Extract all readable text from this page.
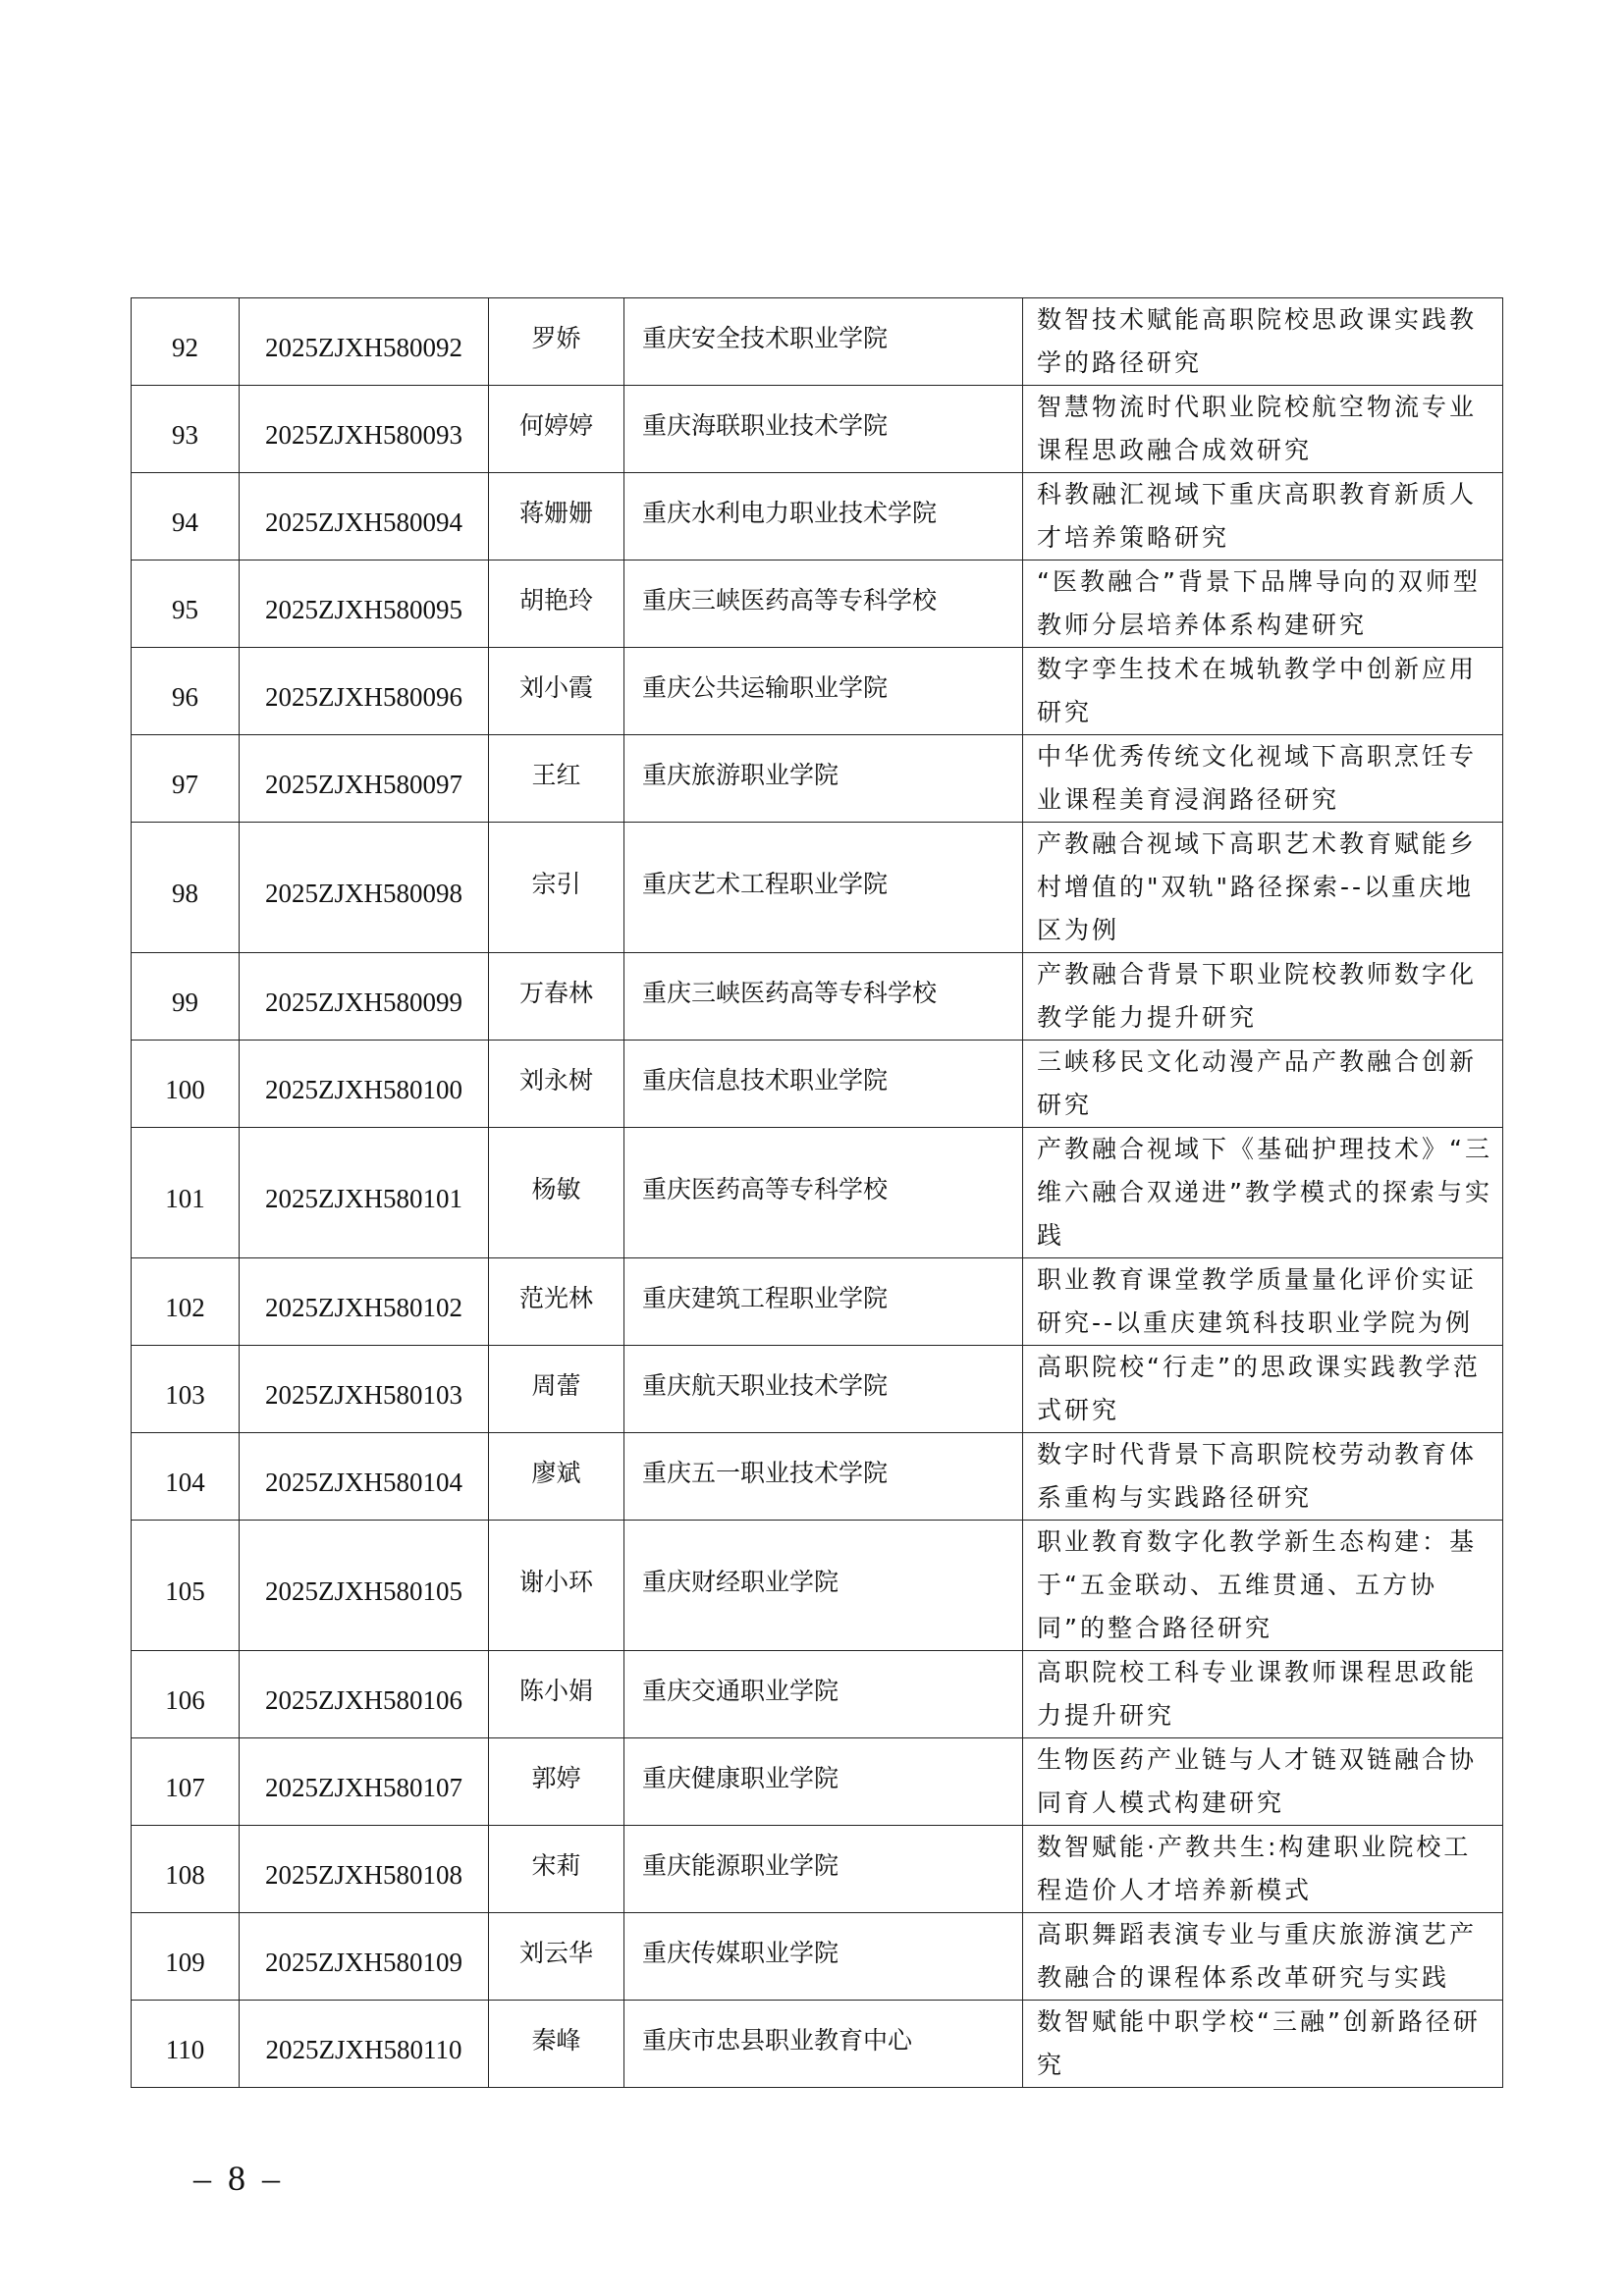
92	2025ZJXH580092	罗娇	重庆安全技术职业学院	数智技术赋能高职院校思政课实践教学的路径研究
93	2025ZJXH580093	何婷婷	重庆海联职业技术学院	智慧物流时代职业院校航空物流专业课程思政融合成效研究
94	2025ZJXH580094	蒋姗姗	重庆水利电力职业技术学院	科教融汇视域下重庆高职教育新质人才培养策略研究
95	2025ZJXH580095	胡艳玲	重庆三峡医药高等专科学校	“医教融合”背景下品牌导向的双师型教师分层培养体系构建研究
96	2025ZJXH580096	刘小霞	重庆公共运输职业学院	数字孪生技术在城轨教学中创新应用研究
97	2025ZJXH580097	王红	重庆旅游职业学院	中华优秀传统文化视域下高职烹饪专业课程美育浸润路径研究
98	2025ZJXH580098	宗引	重庆艺术工程职业学院	产教融合视域下高职艺术教育赋能乡村增值的"双轨"路径探索--以重庆地区为例
99	2025ZJXH580099	万春林	重庆三峡医药高等专科学校	产教融合背景下职业院校教师数字化教学能力提升研究
100	2025ZJXH580100	刘永树	重庆信息技术职业学院	三峡移民文化动漫产品产教融合创新研究
101	2025ZJXH580101	杨敏	重庆医药高等专科学校	产教融合视域下《基础护理技术》“三维六融合双递进”教学模式的探索与实践
102	2025ZJXH580102	范光林	重庆建筑工程职业学院	职业教育课堂教学质量量化评价实证研究--以重庆建筑科技职业学院为例
103	2025ZJXH580103	周蕾	重庆航天职业技术学院	高职院校“行走”的思政课实践教学范式研究
104	2025ZJXH580104	廖斌	重庆五一职业技术学院	数字时代背景下高职院校劳动教育体系重构与实践路径研究
105	2025ZJXH580105	谢小环	重庆财经职业学院	职业教育数字化教学新生态构建：基于“五金联动、五维贯通、五方协同”的整合路径研究
106	2025ZJXH580106	陈小娟	重庆交通职业学院	高职院校工科专业课教师课程思政能力提升研究
107	2025ZJXH580107	郭婷	重庆健康职业学院	生物医药产业链与人才链双链融合协同育人模式构建研究
108	2025ZJXH580108	宋莉	重庆能源职业学院	数智赋能·产教共生:构建职业院校工程造价人才培养新模式
109	2025ZJXH580109	刘云华	重庆传媒职业学院	高职舞蹈表演专业与重庆旅游演艺产教融合的课程体系改革研究与实践
110	2025ZJXH580110	秦峰	重庆市忠县职业教育中心	数智赋能中职学校“三融”创新路径研究
– 8 –
